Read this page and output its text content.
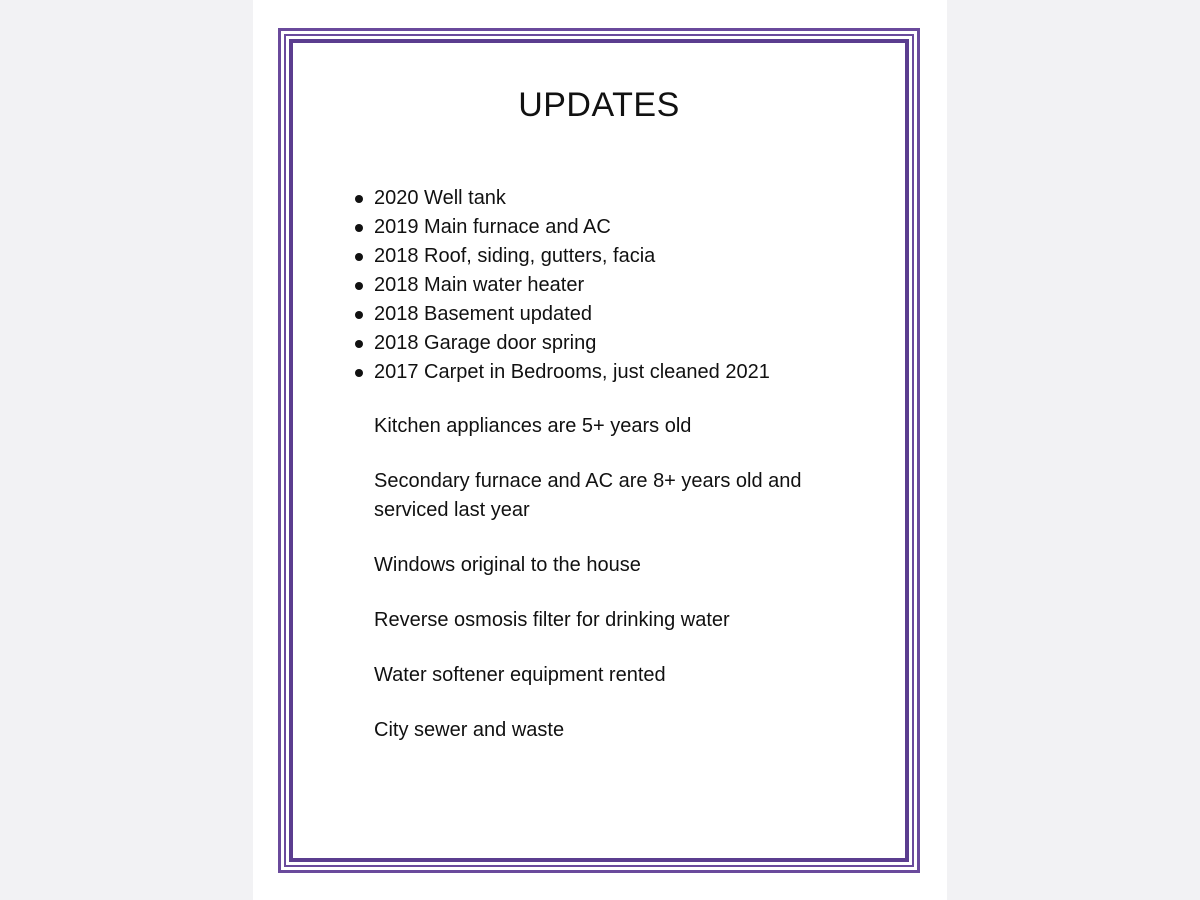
UPDATES
2020 Well tank
2019 Main furnace and AC
2018 Roof, siding, gutters, facia
2018 Main water heater
2018 Basement updated
2018 Garage door spring
2017 Carpet in Bedrooms, just cleaned 2021

Kitchen appliances are 5+ years old

Secondary furnace and AC are 8+ years old and serviced last year

Windows original to the house

Reverse osmosis filter for drinking water

Water softener equipment rented

City sewer and waste
